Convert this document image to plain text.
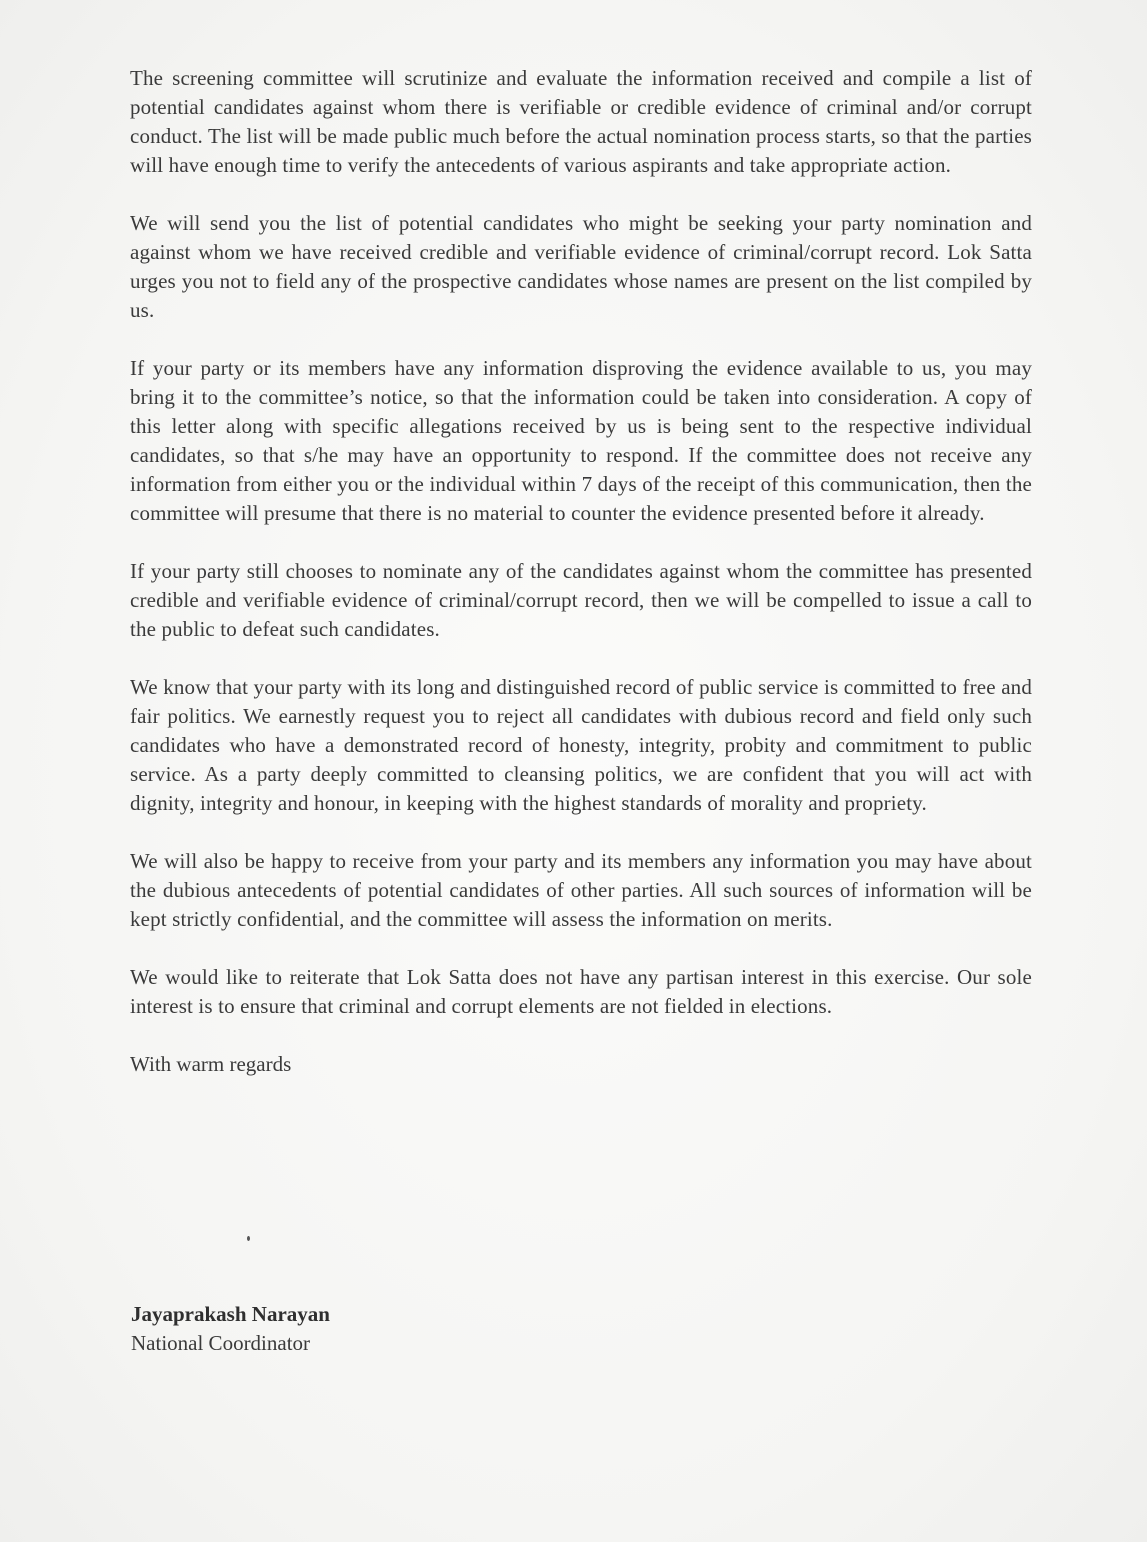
The screening committee will scrutinize and evaluate the information received and compile a list of potential candidates against whom there is verifiable or credible evidence of criminal and/or corrupt conduct. The list will be made public much before the actual nomination process starts, so that the parties will have enough time to verify the antecedents of various aspirants and take appropriate action.

We will send you the list of potential candidates who might be seeking your party nomination and against whom we have received credible and verifiable evidence of criminal/corrupt record. Lok Satta urges you not to field any of the prospective candidates whose names are present on the list compiled by us.

If your party or its members have any information disproving the evidence available to us, you may bring it to the committee’s notice, so that the information could be taken into consideration. A copy of this letter along with specific allegations received by us is being sent to the respective individual candidates, so that s/he may have an opportunity to respond. If the committee does not receive any information from either you or the individual within 7 days of the receipt of this communication, then the committee will presume that there is no material to counter the evidence presented before it already.

If your party still chooses to nominate any of the candidates against whom the committee has presented credible and verifiable evidence of criminal/corrupt record, then we will be compelled to issue a call to the public to defeat such candidates.

We know that your party with its long and distinguished record of public service is committed to free and fair politics. We earnestly request you to reject all candidates with dubious record and field only such candidates who have a demonstrated record of honesty, integrity, probity and commitment to public service. As a party deeply committed to cleansing politics, we are confident that you will act with dignity, integrity and honour, in keeping with the highest standards of morality and propriety.

We will also be happy to receive from your party and its members any information you may have about the dubious antecedents of potential candidates of other parties. All such sources of information will be kept strictly confidential, and the committee will assess the information on merits.

We would like to reiterate that Lok Satta does not have any partisan interest in this exercise. Our sole interest is to ensure that criminal and corrupt elements are not fielded in elections.

With warm regards

Jayaprakash Narayan
National Coordinator
